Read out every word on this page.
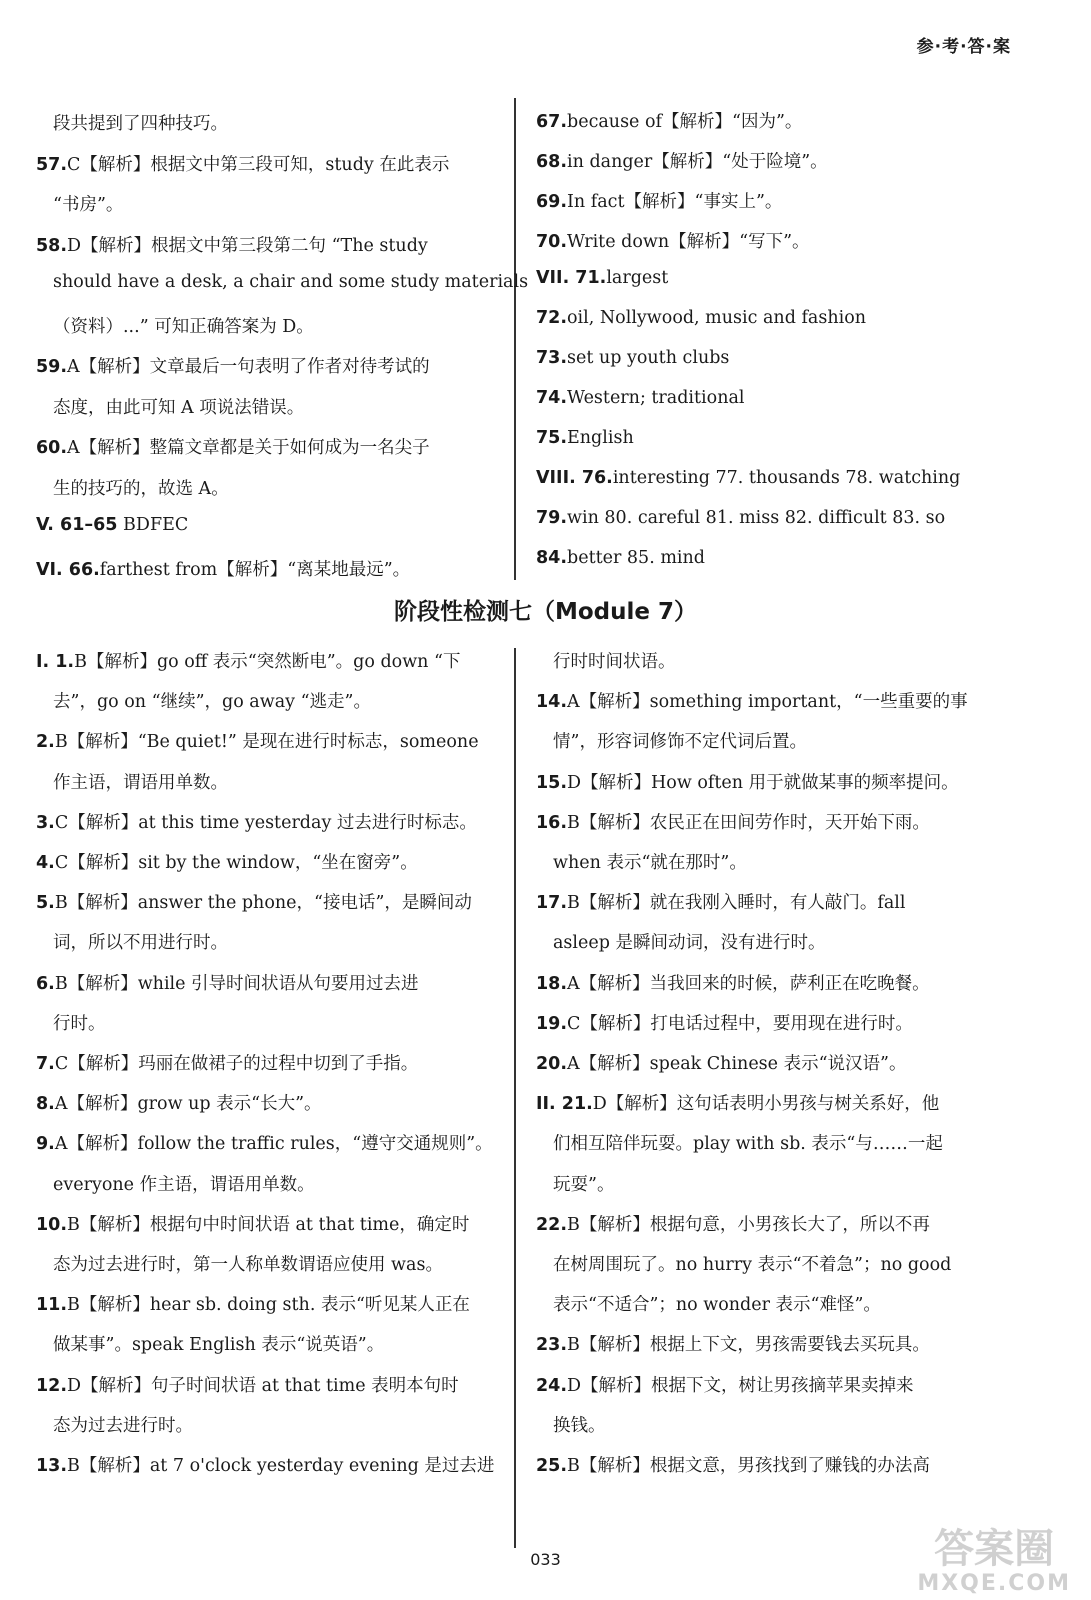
参·考·答·案
段共提到了四种技巧。
57.C【解析】根据文中第三段可知，study 在此表示
“书房”。
58.D【解析】根据文中第三段第二句 “The study
should have a desk, a chair and some study materials
（资料）...” 可知正确答案为 D。
59.A【解析】文章最后一句表明了作者对待考试的
态度，由此可知 A 项说法错误。
60.A【解析】整篇文章都是关于如何成为一名尖子
生的技巧的，故选 A。
V. 61–65 BDFEC
VI. 66.farthest from【解析】“离某地最远”。
67.because of【解析】“因为”。
68.in danger【解析】“处于险境”。
69.In fact【解析】“事实上”。
70.Write down【解析】“写下”。
VII. 71.largest
72.oil, Nollywood, music and fashion
73.set up youth clubs
74.Western; traditional
75.English
VIII. 76.interesting 77. thousands 78. watching
79.win 80. careful 81. miss 82. difficult 83. so
84.better 85. mind
阶段性检测七（Module 7）
I. 1.B【解析】go off 表示“突然断电”。go down “下
去”，go on “继续”，go away “逃走”。
2.B【解析】“Be quiet!” 是现在进行时标志，someone
作主语，谓语用单数。
3.C【解析】at this time yesterday 过去进行时标志。
4.C【解析】sit by the window，“坐在窗旁”。
5.B【解析】answer the phone，“接电话”，是瞬间动
词，所以不用进行时。
6.B【解析】while 引导时间状语从句要用过去进
行时。
7.C【解析】玛丽在做裙子的过程中切到了手指。
8.A【解析】grow up 表示“长大”。
9.A【解析】follow the traffic rules，“遵守交通规则”。
everyone 作主语，谓语用单数。
10.B【解析】根据句中时间状语 at that time，确定时
态为过去进行时，第一人称单数谓语应使用 was。
11.B【解析】hear sb. doing sth. 表示“听见某人正在
做某事”。speak English 表示“说英语”。
12.D【解析】句子时间状语 at that time 表明本句时
态为过去进行时。
13.B【解析】at 7 o'clock yesterday evening 是过去进
行时时间状语。
14.A【解析】something important，“一些重要的事
情”，形容词修饰不定代词后置。
15.D【解析】How often 用于就做某事的频率提问。
16.B【解析】农民正在田间劳作时，天开始下雨。
when 表示“就在那时”。
17.B【解析】就在我刚入睡时，有人敲门。fall
asleep 是瞬间动词，没有进行时。
18.A【解析】当我回来的时候，萨利正在吃晚餐。
19.C【解析】打电话过程中，要用现在进行时。
20.A【解析】speak Chinese 表示“说汉语”。
II. 21.D【解析】这句话表明小男孩与树关系好，他
们相互陪伴玩耍。play with sb. 表示“与……一起
玩耍”。
22.B【解析】根据句意，小男孩长大了，所以不再
在树周围玩了。no hurry 表示“不着急”；no good
表示“不适合”；no wonder 表示“难怪”。
23.B【解析】根据上下文，男孩需要钱去买玩具。
24.D【解析】根据下文，树让男孩摘苹果卖掉来
换钱。
25.B【解析】根据文意，男孩找到了赚钱的办法高
033	答案圈
MXQE.COM
